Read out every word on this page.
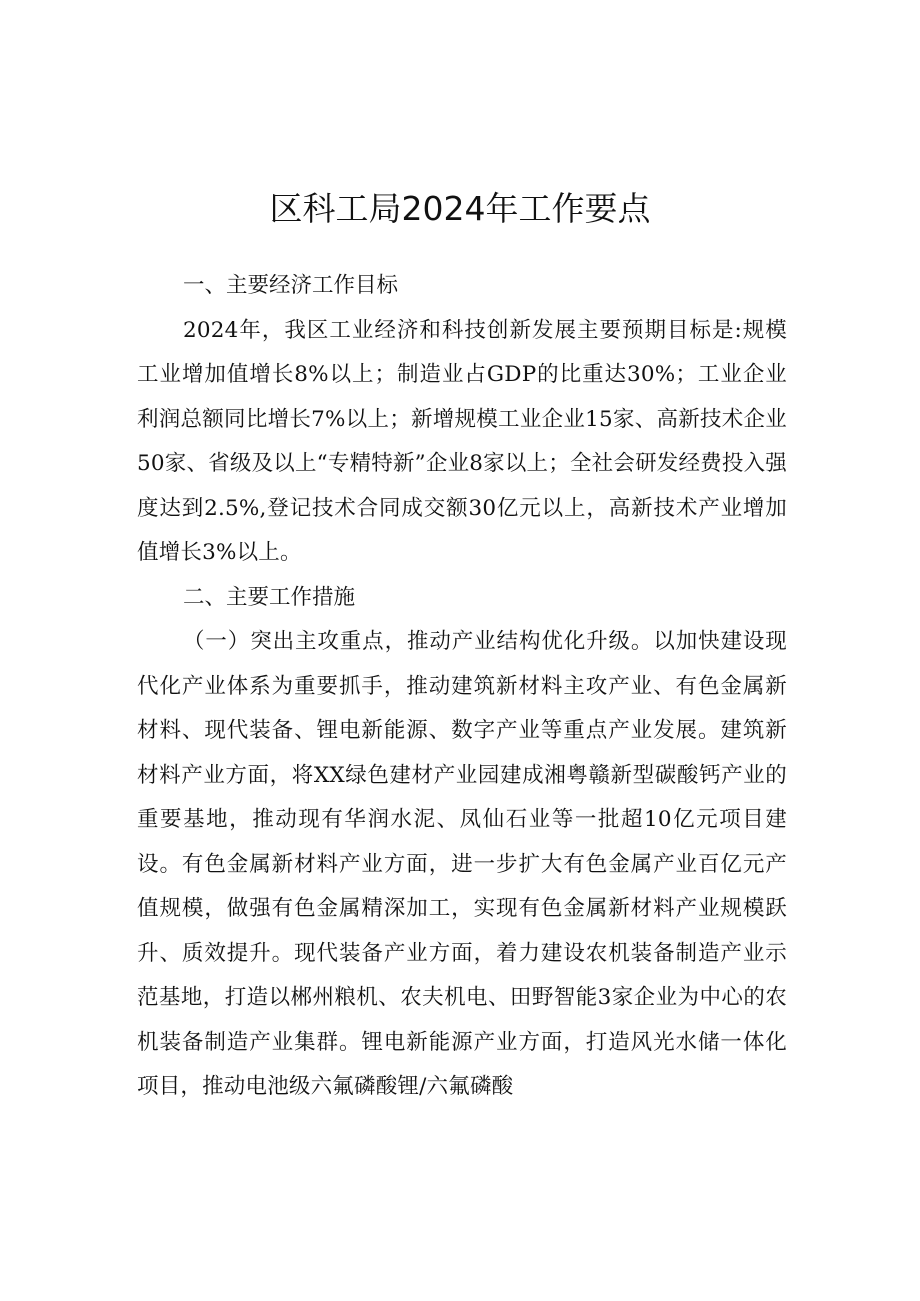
区科工局2024年工作要点

一、主要经济工作目标

2024年，我区工业经济和科技创新发展主要预期目标是:规模工业增加值增长8%以上；制造业占GDP的比重达30%；工业企业利润总额同比增长7%以上；新增规模工业企业15家、高新技术企业50家、省级及以上“专精特新”企业8家以上；全社会研发经费投入强度达到2.5%,登记技术合同成交额30亿元以上，高新技术产业增加值增长3%以上。

二、主要工作措施

（一）突出主攻重点，推动产业结构优化升级。以加快建设现代化产业体系为重要抓手，推动建筑新材料主攻产业、有色金属新材料、现代装备、锂电新能源、数字产业等重点产业发展。建筑新材料产业方面，将XX绿色建材产业园建成湘粤赣新型碳酸钙产业的重要基地，推动现有华润水泥、凤仙石业等一批超10亿元项目建设。有色金属新材料产业方面，进一步扩大有色金属产业百亿元产值规模，做强有色金属精深加工，实现有色金属新材料产业规模跃升、质效提升。现代装备产业方面，着力建设农机装备制造产业示范基地，打造以郴州粮机、农夫机电、田野智能3家企业为中心的农机装备制造产业集群。锂电新能源产业方面，打造风光水储一体化项目，推动电池级六氟磷酸锂/六氟磷酸
